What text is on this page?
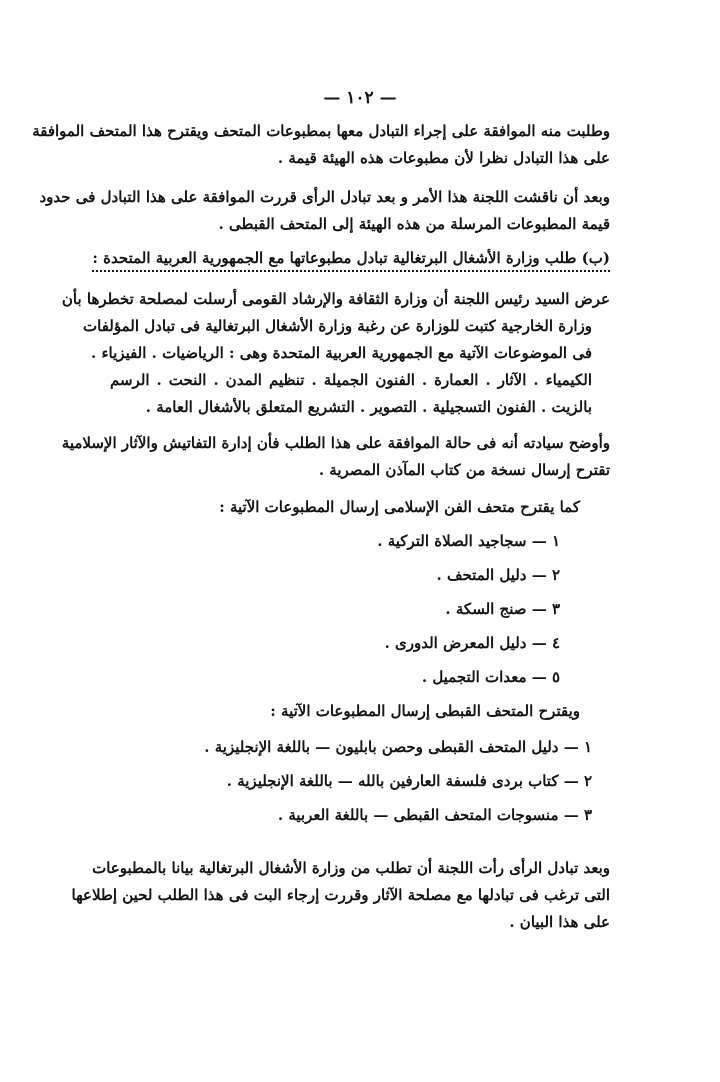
— ١٠٢ —
وطلبت منه الموافقة على إجراء التبادل معها بمطبوعات المتحف ويقترح هذا المتحف الموافقة
على هذا التبادل نظرا لأن مطبوعات هذه الهيئة قيمة .
وبعد أن ناقشت اللجنة هذا الأمر و بعد تبادل الرأى قررت الموافقة على هذا التبادل فى حدود
قيمة المطبوعات المرسلة من هذه الهيئة إلى المتحف القبطى .
(ب) طلب وزارة الأشغال البرتغالية تبادل مطبوعاتها مع الجمهورية العربية المتحدة :
عرض السيد رئيس اللجنة أن وزارة الثقافة والإرشاد القومى أرسلت لمصلحة تخطرها بأن
وزارة الخارجية كتبت للوزارة عن رغبة وزارة الأشغال البرتغالية فى تبادل المؤلفات
فى الموضوعات الآتية مع الجمهورية العربية المتحدة وهى : الرياضيات . الفيزياء .
الكيمياء . الآثار . العمارة . الفنون الجميلة . تنظيم المدن . النحت . الرسم
بالزيت . الفنون التسجيلية . التصوير . التشريع المتعلق بالأشغال العامة .
وأوضح سيادته أنه فى حالة الموافقة على هذا الطلب فأن إدارة التفاتيش والآثار الإسلامية
تقترح إرسال نسخة من كتاب المآذن المصرية .
كما يقترح متحف الفن الإسلامى إرسال المطبوعات الآتية :
١ — سجاجيد الصلاة التركية .
٢ — دليل المتحف .
٣ — صنج السكة .
٤ — دليل المعرض الدورى .
٥ — معدات التجميل .
ويقترح المتحف القبطى إرسال المطبوعات الآتية :
١ — دليل المتحف القبطى وحصن بابليون — باللغة الإنجليزية .
٢ — كتاب بردى فلسفة العارفين بالله — باللغة الإنجليزية .
٣ — منسوجات المتحف القبطى — باللغة العربية .
وبعد تبادل الرأى رأت اللجنة أن تطلب من وزارة الأشغال البرتغالية بيانا بالمطبوعات
التى ترغب فى تبادلها مع مصلحة الآثار وقررت إرجاء البت فى هذا الطلب لحين إطلاعها
على هذا البيان .
